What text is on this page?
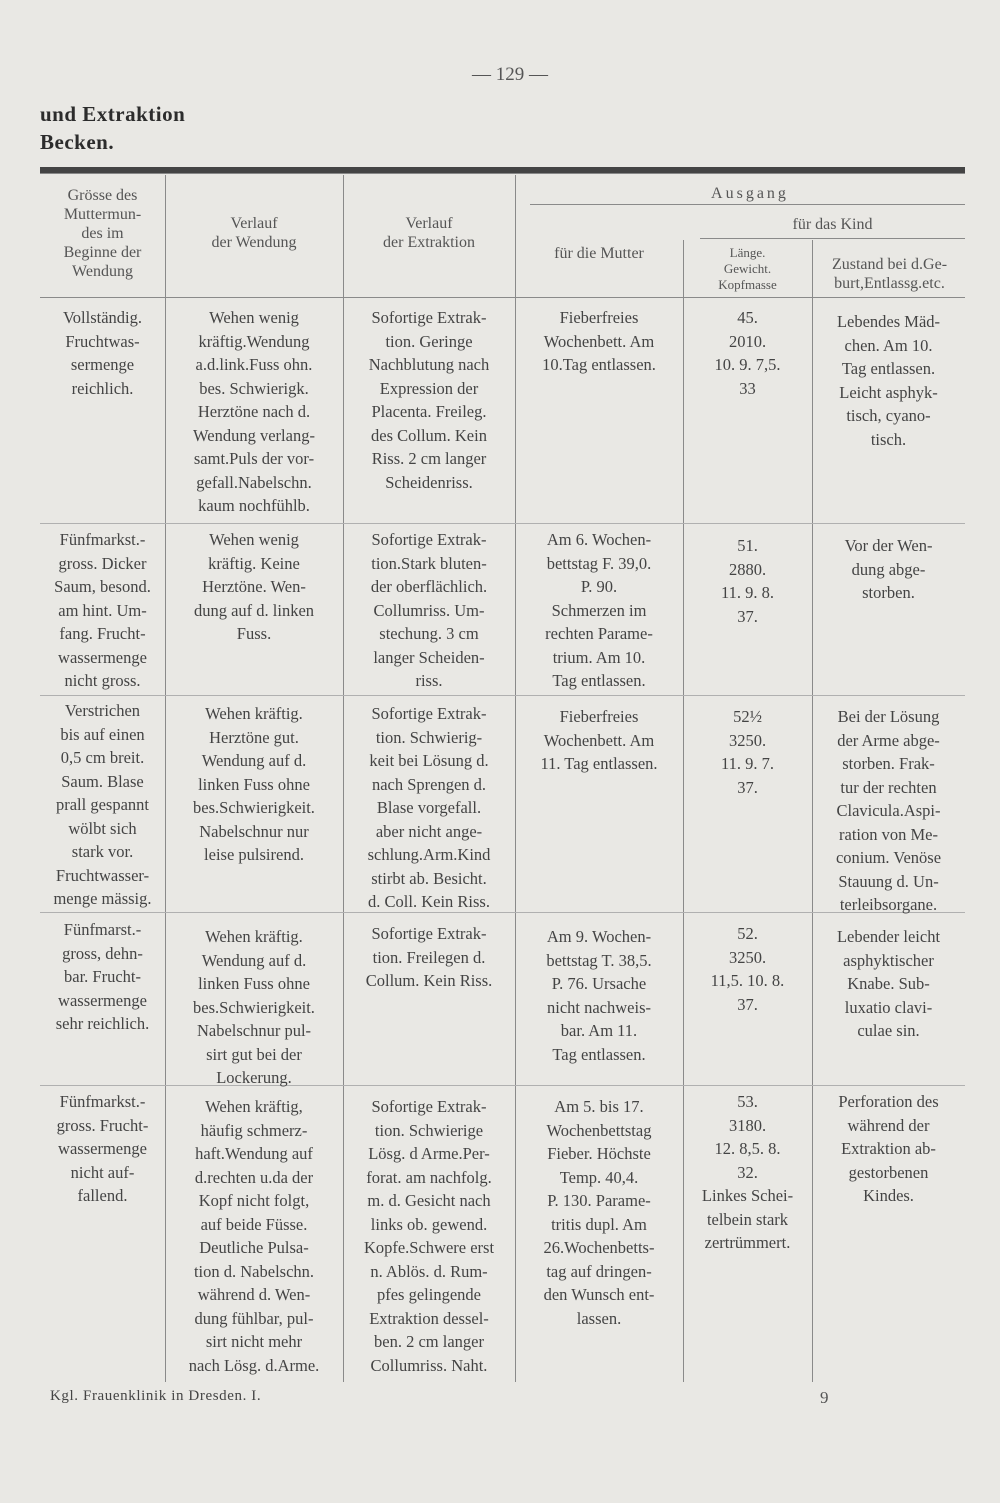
— 129 —
und Extraktion
Becken.
Grösse des
Muttermun-
des im
Beginne der
Wendung
Verlauf
der Wendung
Verlauf
der Extraktion
Ausgang
für die Mutter
für das Kind
Länge.
Gewicht.
Kopfmasse
Zustand bei d.Ge-
burt,Entlassg.etc.
Vollständig.
Fruchtwas-
sermenge
reichlich.
Wehen wenig
kräftig.Wendung
a.d.link.Fuss ohn.
bes. Schwierigk.
Herztöne nach d.
Wendung verlang-
samt.Puls der vor-
gefall.Nabelschn.
kaum nochfühlb.
Sofortige Extrak-
tion. Geringe
Nachblutung nach
Expression der
Placenta. Freileg.
des Collum. Kein
Riss. 2 cm langer
Scheidenriss.
Fieberfreies
Wochenbett. Am
10.Tag entlassen.
45.
2010.
10. 9. 7,5.
33
Lebendes Mäd-
chen. Am 10.
Tag entlassen.
Leicht asphyk-
tisch, cyano-
tisch.
Fünfmarkst.-
gross. Dicker
Saum, besond.
am hint. Um-
fang. Frucht-
wassermenge
nicht gross.
Wehen wenig
kräftig. Keine
Herztöne. Wen-
dung auf d. linken
Fuss.
Sofortige Extrak-
tion.Stark bluten-
der oberflächlich.
Collumriss. Um-
stechung. 3 cm
langer Scheiden-
riss.
Am 6. Wochen-
bettstag F. 39,0.
P. 90.
Schmerzen im
rechten Parame-
trium. Am 10.
Tag entlassen.
51.
2880.
11. 9. 8.
37.
Vor der Wen-
dung abge-
storben.
Verstrichen
bis auf einen
0,5 cm breit.
Saum. Blase
prall gespannt
wölbt sich
stark vor.
Fruchtwasser-
menge mässig.
Wehen kräftig.
Herztöne gut.
Wendung auf d.
linken Fuss ohne
bes.Schwierigkeit.
Nabelschnur nur
leise pulsirend.
Sofortige Extrak-
tion. Schwierig-
keit bei Lösung d.
nach Sprengen d.
Blase vorgefall.
aber nicht ange-
schlung.Arm.Kind
stirbt ab. Besicht.
d. Coll. Kein Riss.
Fieberfreies
Wochenbett. Am
11. Tag entlassen.
52½
3250.
11. 9. 7.
37.
Bei der Lösung
der Arme abge-
storben. Frak-
tur der rechten
Clavicula.Aspi-
ration von Me-
conium. Venöse
Stauung d. Un-
terleibsorgane.
Fünfmarst.-
gross, dehn-
bar. Frucht-
wassermenge
sehr reichlich.
Wehen kräftig.
Wendung auf d.
linken Fuss ohne
bes.Schwierigkeit.
Nabelschnur pul-
sirt gut bei der
Lockerung.
Sofortige Extrak-
tion. Freilegen d.
Collum. Kein Riss.
Am 9. Wochen-
bettstag T. 38,5.
P. 76. Ursache
nicht nachweis-
bar. Am 11.
Tag entlassen.
52.
3250.
11,5. 10. 8.
37.
Lebender leicht
asphyktischer
Knabe. Sub-
luxatio clavi-
culae sin.
Fünfmarkst.-
gross. Frucht-
wassermenge
nicht auf-
fallend.
Wehen kräftig,
häufig schmerz-
haft.Wendung auf
d.rechten u.da der
Kopf nicht folgt,
auf beide Füsse.
Deutliche Pulsa-
tion d. Nabelschn.
während d. Wen-
dung fühlbar, pul-
sirt nicht mehr
nach Lösg. d.Arme.
Sofortige Extrak-
tion. Schwierige
Lösg. d Arme.Per-
forat. am nachfolg.
m. d. Gesicht nach
links ob. gewend.
Kopfe.Schwere erst
n. Ablös. d. Rum-
pfes gelingende
Extraktion dessel-
ben. 2 cm langer
Collumriss. Naht.
Am 5. bis 17.
Wochenbettstag
Fieber. Höchste
Temp. 40,4.
P. 130. Parame-
tritis dupl. Am
26.Wochenbetts-
tag auf dringen-
den Wunsch ent-
lassen.
53.
3180.
12. 8,5. 8.
32.
Linkes Schei-
telbein stark
zertrümmert.
Perforation des
während der
Extraktion ab-
gestorbenen
Kindes.
Kgl. Frauenklinik in Dresden. I.	9
